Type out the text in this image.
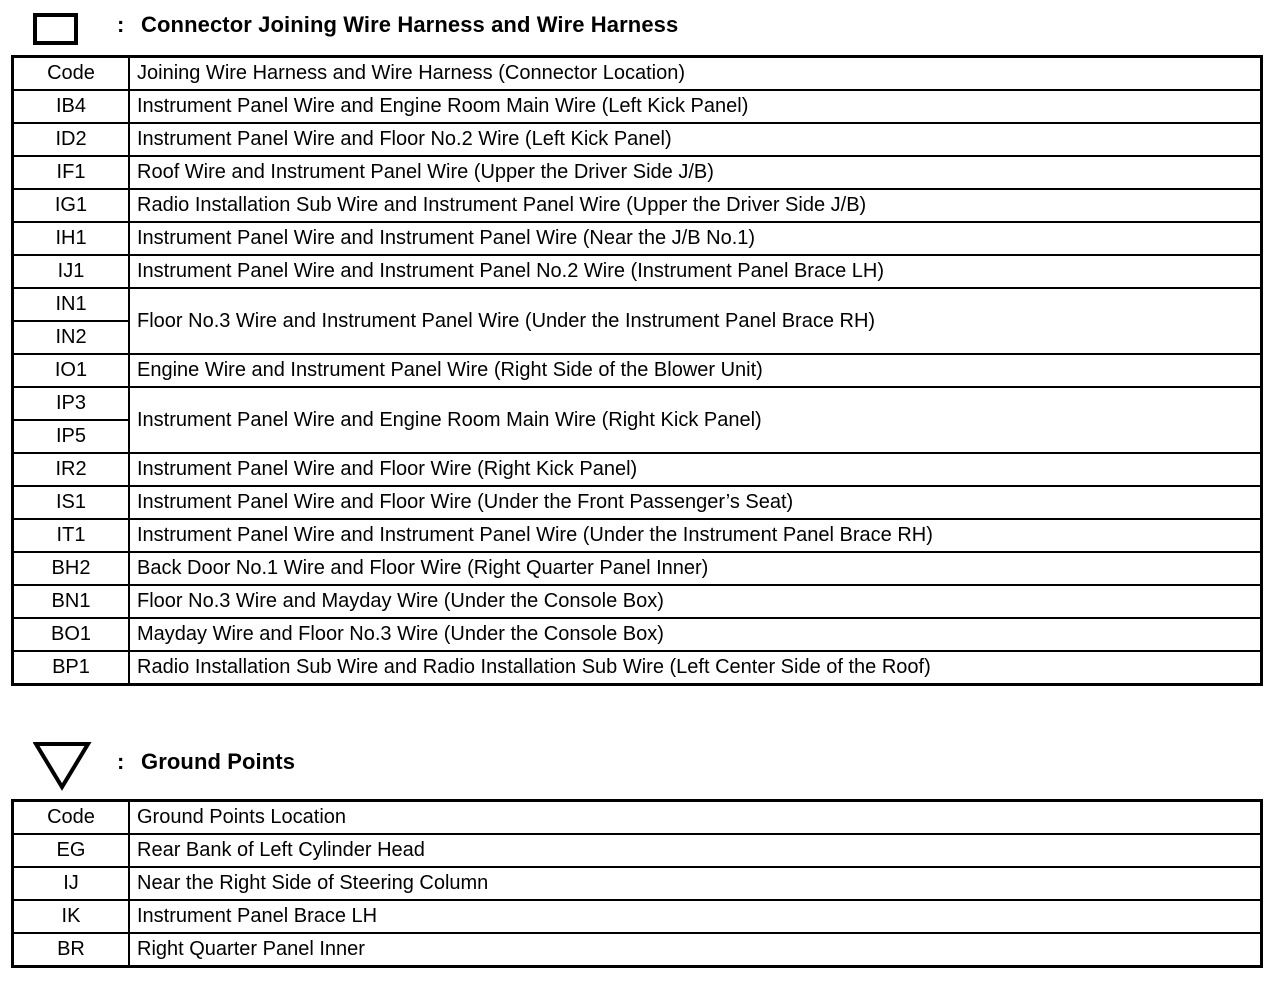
: Connector Joining Wire Harness and Wire Harness
Code	Joining Wire Harness and Wire Harness (Connector Location)
IB4	Instrument Panel Wire and Engine Room Main Wire (Left Kick Panel)
ID2	Instrument Panel Wire and Floor No.2 Wire (Left Kick Panel)
IF1	Roof Wire and Instrument Panel Wire (Upper the Driver Side J/B)
IG1	Radio Installation Sub Wire and Instrument Panel Wire (Upper the Driver Side J/B)
IH1	Instrument Panel Wire and Instrument Panel Wire (Near the J/B No.1)
IJ1	Instrument Panel Wire and Instrument Panel No.2 Wire (Instrument Panel Brace LH)
IN1	Floor No.3 Wire and Instrument Panel Wire (Under the Instrument Panel Brace RH)
IN2	
IO1	Engine Wire and Instrument Panel Wire (Right Side of the Blower Unit)
IP3	Instrument Panel Wire and Engine Room Main Wire (Right Kick Panel)
IP5	
IR2	Instrument Panel Wire and Floor Wire (Right Kick Panel)
IS1	Instrument Panel Wire and Floor Wire (Under the Front Passenger’s Seat)
IT1	Instrument Panel Wire and Instrument Panel Wire (Under the Instrument Panel Brace RH)
BH2	Back Door No.1 Wire and Floor Wire (Right Quarter Panel Inner)
BN1	Floor No.3 Wire and Mayday Wire (Under the Console Box)
BO1	Mayday Wire and Floor No.3 Wire (Under the Console Box)
BP1	Radio Installation Sub Wire and Radio Installation Sub Wire (Left Center Side of the Roof)
: Ground Points
Code	Ground Points Location
EG	Rear Bank of Left Cylinder Head
IJ	Near the Right Side of Steering Column
IK	Instrument Panel Brace LH
BR	Right Quarter Panel Inner
